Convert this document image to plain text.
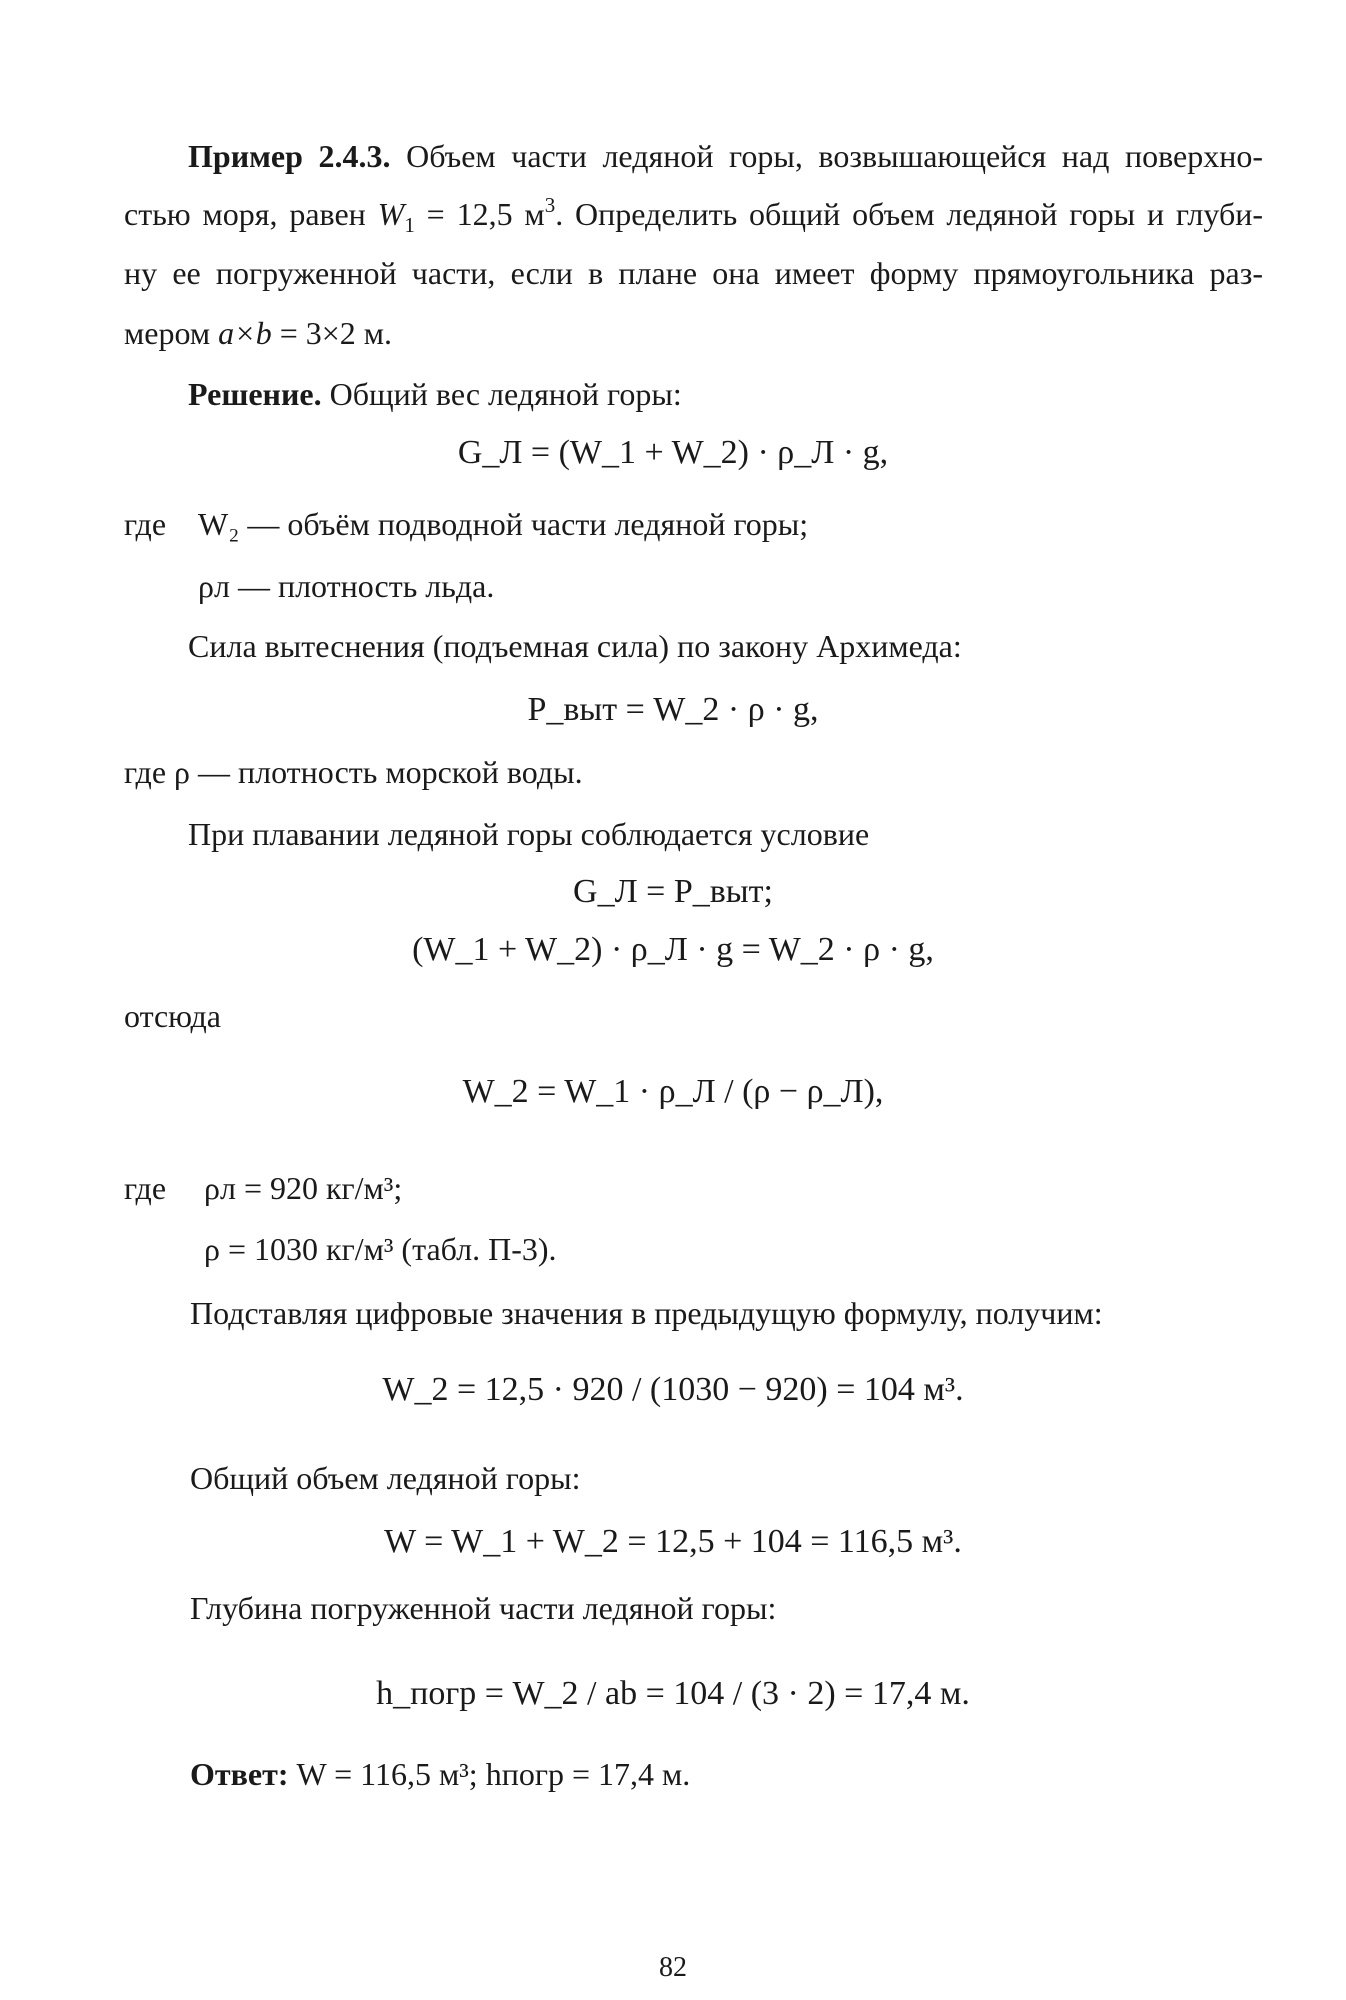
Пример 2.4.3. Объем части ледяной горы, возвышающейся над поверхно-
стью моря, равен $W_1 = 12,5$ $м^3$. Определить общий объем ледяной горы и глуби-
ну ее погруженной части, если в плане она имеет форму прямоугольника раз-
мером a×b = 3×2 м.
Решение. Общий вес ледяной горы:
G_Л = (W_1 + W_2) · ρ_Л · g,
где W₂ — объём подводной части ледяной горы;
ρл — плотность льда.
Сила вытеснения (подъемная сила) по закону Архимеда:
P_выт = W_2 · ρ · g,
где ρ — плотность морской воды.
При плавании ледяной горы соблюдается условие
G_Л = P_выт;
(W_1 + W_2) · ρ_Л · g = W_2 · ρ · g,
отсюда
W_2 = W_1 · ρ_Л / (ρ − ρ_Л),
где ρл = 920 кг/м³;
ρ = 1030 кг/м³ (табл. П-3).
Подставляя цифровые значения в предыдущую формулу, получим:
W_2 = 12,5 · 920 / (1030 − 920) = 104 м³.
Общий объем ледяной горы:
W = W_1 + W_2 = 12,5 + 104 = 116,5 м³.
Глубина погруженной части ледяной горы:
h_погр = W_2 / ab = 104 / (3 · 2) = 17,4 м.
Ответ: W = 116,5 м³; hпогр = 17,4 м.
82
